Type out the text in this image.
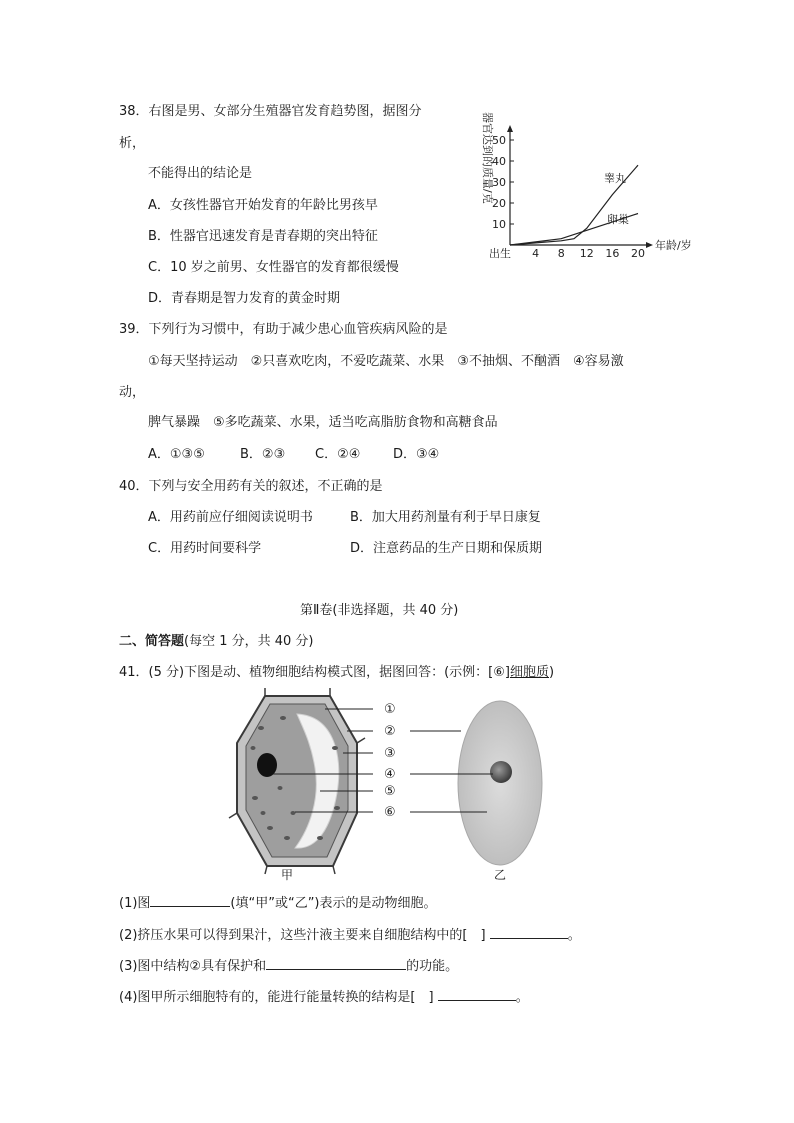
38．右图是男、女部分生殖器官发育趋势图，据图分
析，
不能得出的结论是
A．女孩性器官开始发育的年龄比男孩早
B．性器官迅速发育是青春期的突出特征
C．10 岁之前男、女性器官的发育都很缓慢
D．青春期是智力发育的黄金时期
器官达到的质量/克
年龄/岁
出生 4 8 12 16 20
10
20
30
40
50
睾丸
卵巢
39．下列行为习惯中，有助于减少患心血管疾病风险的是
①每天坚持运动　②只喜欢吃肉，不爱吃蔬菜、水果　③不抽烟、不酗酒　④容易激
动，
脾气暴躁　⑤多吃蔬菜、水果，适当吃高脂肪食物和高糖食品
A．①③⑤	B．②③ C．②④	D．③④
40．下列与安全用药有关的叙述，不正确的是
A．用药前应仔细阅读说明书	B．加大用药剂量有利于早日康复
C．用药时间要科学	D．注意药品的生产日期和保质期
第Ⅱ卷(非选择题，共 40 分)
二、简答题(每空 1 分，共 40 分)
41．(5 分)下图是动、植物细胞结构模式图，据图回答：(示例：[⑥]细胞质)
①
②
③
④
⑤
⑥
甲	乙
(1)图	(填“甲”或“乙”)表示的是动物细胞。
(2)挤压水果可以得到果汁，这些汁液主要来自细胞结构中的[　]	。
(3)图中结构②具有保护和	的功能。
(4)图甲所示细胞特有的，能进行能量转换的结构是[　]	。
